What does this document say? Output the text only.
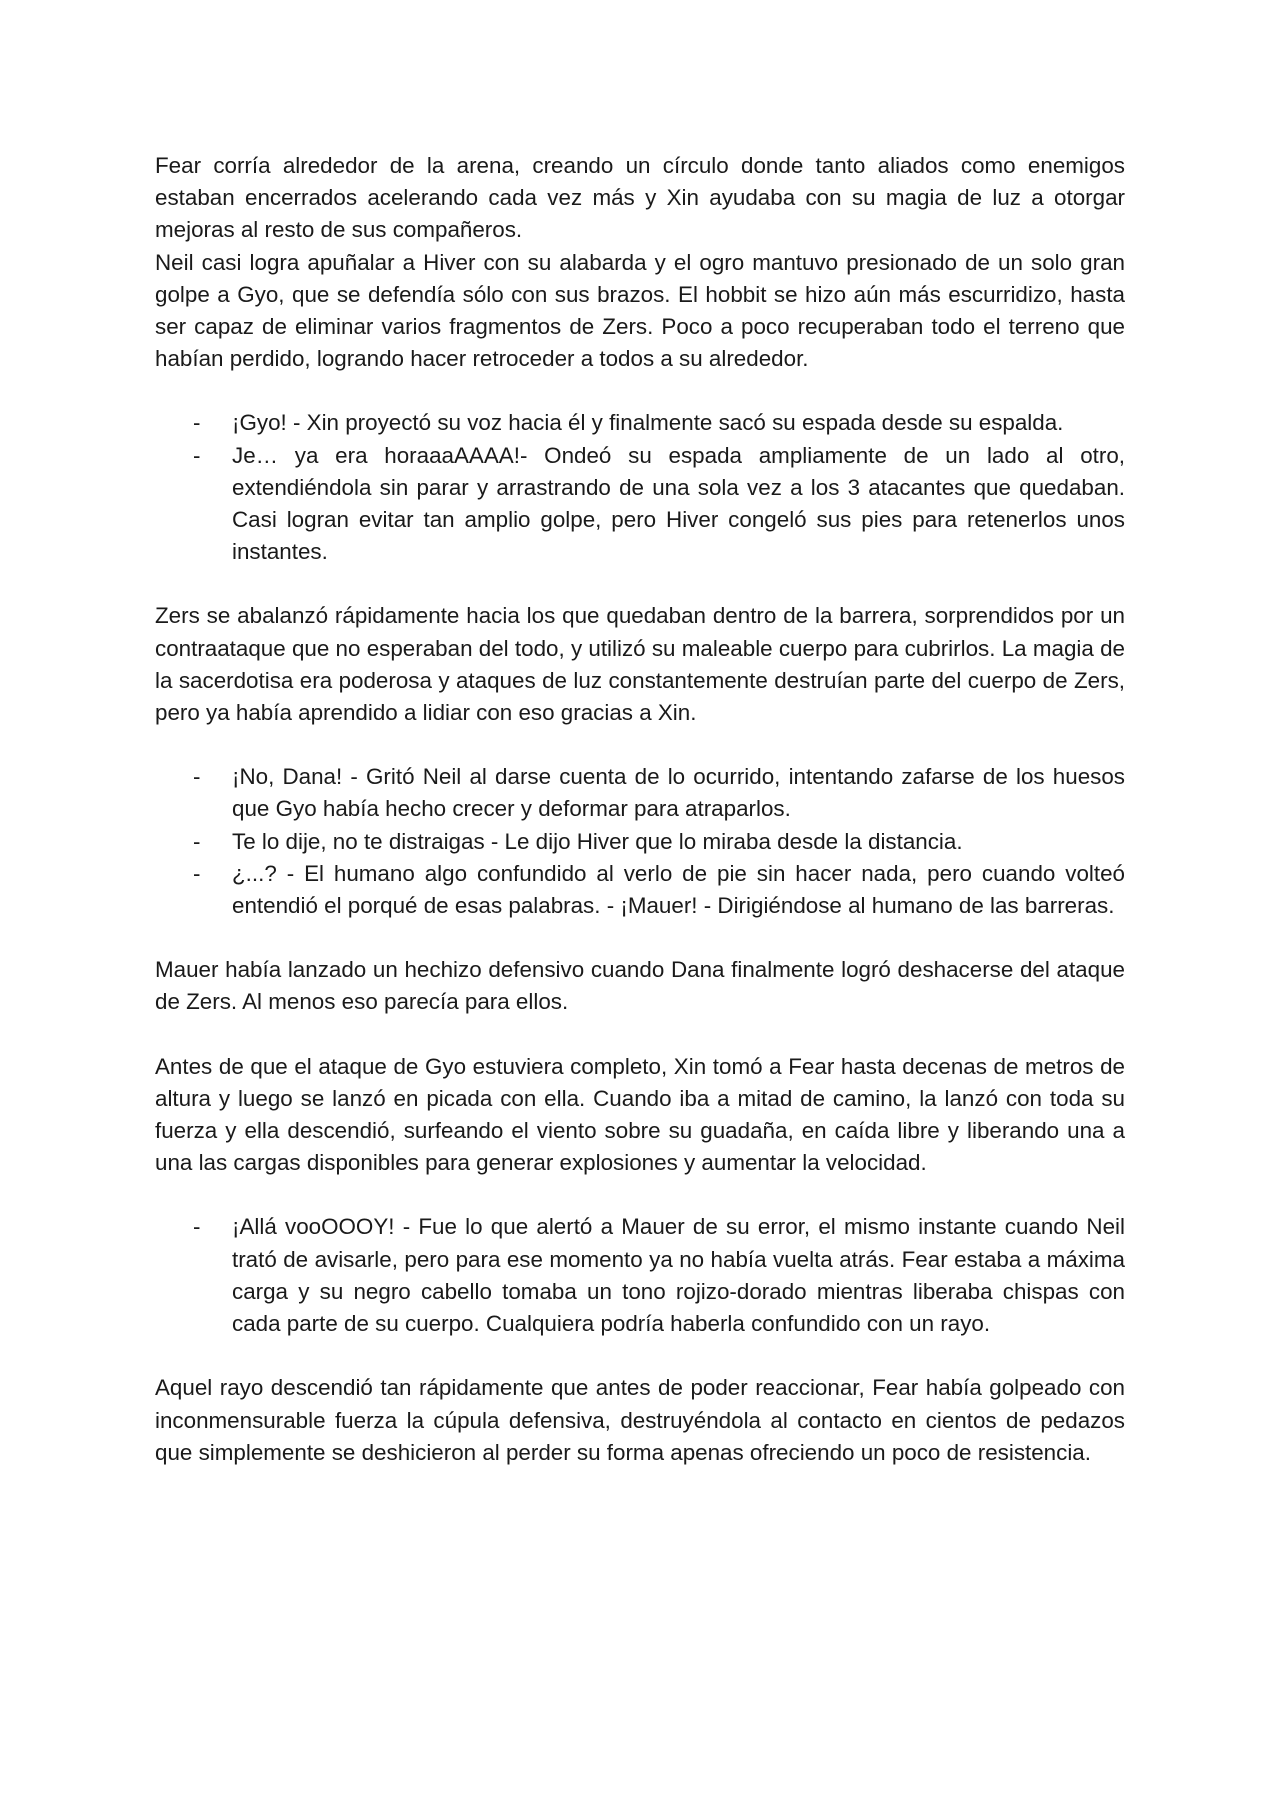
Fear corría alrededor de la arena, creando un círculo donde tanto aliados como enemigos estaban encerrados acelerando cada vez más y Xin ayudaba con su magia de luz a otorgar mejoras al resto de sus compañeros.

Neil casi logra apuñalar a Hiver con su alabarda y el ogro mantuvo presionado de un solo gran golpe a Gyo, que se defendía sólo con sus brazos. El hobbit se hizo aún más escurridizo, hasta ser capaz de eliminar varios fragmentos de Zers. Poco a poco recuperaban todo el terreno que habían perdido, logrando hacer retroceder a todos a su alrededor.

- ¡Gyo! - Xin proyectó su voz hacia él y finalmente sacó su espada desde su espalda.
- Je… ya era horaaaAAAA!- Ondeó su espada ampliamente de un lado al otro, extendiéndola sin parar y arrastrando de una sola vez a los 3 atacantes que quedaban. Casi logran evitar tan amplio golpe, pero Hiver congeló sus pies para retenerlos unos instantes.

Zers se abalanzó rápidamente hacia los que quedaban dentro de la barrera, sorprendidos por un contraataque que no esperaban del todo, y utilizó su maleable cuerpo para cubrirlos. La magia de la sacerdotisa era poderosa y ataques de luz constantemente destruían parte del cuerpo de Zers, pero ya había aprendido a lidiar con eso gracias a Xin.

- ¡No, Dana! - Gritó Neil al darse cuenta de lo ocurrido, intentando zafarse de los huesos que Gyo había hecho crecer y deformar para atraparlos.
- Te lo dije, no te distraigas - Le dijo Hiver que lo miraba desde la distancia.
- ¿...? - El humano algo confundido al verlo de pie sin hacer nada, pero cuando volteó entendió el porqué de esas palabras. - ¡Mauer! - Dirigiéndose al humano de las barreras.

Mauer había lanzado un hechizo defensivo cuando Dana finalmente logró deshacerse del ataque de Zers. Al menos eso parecía para ellos.

Antes de que el ataque de Gyo estuviera completo, Xin tomó a Fear hasta decenas de metros de altura y luego se lanzó en picada con ella. Cuando iba a mitad de camino, la lanzó con toda su fuerza y ella descendió, surfeando el viento sobre su guadaña, en caída libre y liberando una a una las cargas disponibles para generar explosiones y aumentar la velocidad.

- ¡Allá vooOOOY! - Fue lo que alertó a Mauer de su error, el mismo instante cuando Neil trató de avisarle, pero para ese momento ya no había vuelta atrás. Fear estaba a máxima carga y su negro cabello tomaba un tono rojizo-dorado mientras liberaba chispas con cada parte de su cuerpo. Cualquiera podría haberla confundido con un rayo.

Aquel rayo descendió tan rápidamente que antes de poder reaccionar, Fear había golpeado con inconmensurable fuerza la cúpula defensiva, destruyéndola al contacto en cientos de pedazos que simplemente se deshicieron al perder su forma apenas ofreciendo un poco de resistencia.
